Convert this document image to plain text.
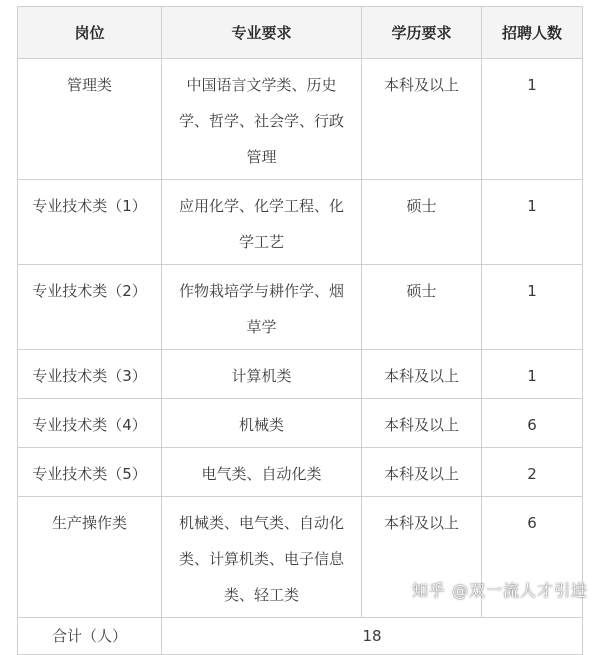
岗位	专业要求	学历要求	招聘人数
管理类	中国语言文学类、历史学、哲学、社会学、行政管理	本科及以上	1
专业技术类（1）	应用化学、化学工程、化学工艺	硕士	1
专业技术类（2）	作物栽培学与耕作学、烟草学	硕士	1
专业技术类（3）	计算机类	本科及以上	1
专业技术类（4）	机械类	本科及以上	6
专业技术类（5）	电气类、自动化类	本科及以上	2
生产操作类	机械类、电气类、自动化类、计算机类、电子信息类、轻工类	本科及以上	6
合计（人）	18		
知乎 @双一流人才引进
